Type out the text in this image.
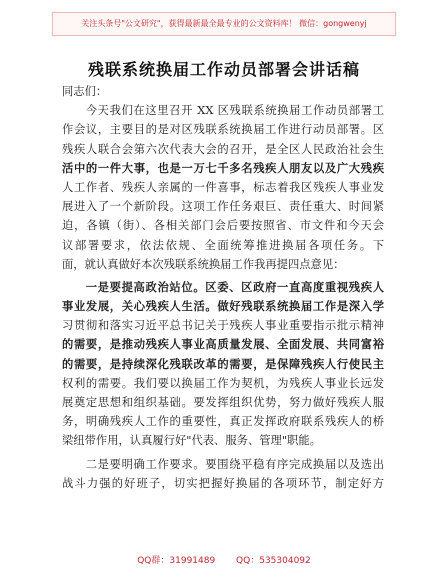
关注头条号"公文研究"，获得最新最全最专业的公文资料库！ 微信：gongwenyj
残联系统换届工作动员部署会讲话稿
同志们：
今天我们在这里召开 XX 区残联系统换届工作动员部署工
作会议，主要目的是对区残联系统换届工作进行动员部署。区
残疾人联合会第六次代表大会的召开，是全区人民政治社会生
活中的一件大事，也是一万七千多名残疾人朋友以及广大残疾
人工作者、残疾人亲属的一件喜事，标志着我区残疾人事业发
展进入了一个新阶段。这项工作任务艰巨、责任重大、时间紧
迫，各镇（街）、各相关部门会后要按照省、市文件和今天会
议部署要求，依法依规、全面统筹推进换届各项任务。下
面，就认真做好本次残联系统换届工作我再提四点意见：
一是要提高政治站位。区委、区政府一直高度重视残疾人
事业发展，关心残疾人生活。做好残联系统换届工作是深入学
习贯彻和落实习近平总书记关于残疾人事业重要指示批示精神
的需要，是推动残疾人事业高质量发展、全面发展、共同富裕
的需要，是持续深化残联改革的需要，是保障残疾人行使民主
权利的需要。我们要以换届工作为契机，为残疾人事业长远发
展奠定思想和组织基础。要发挥组织优势，努力做好残疾人服
务，明确残疾人工作的重要性，真正发挥政府联系残疾人的桥
梁纽带作用，认真履行好"代表、服务、管理"职能。
二是要明确工作要求。要围绕平稳有序完成换届以及选出
战斗力强的好班子，切实把握好换届的各项环节，制定好方
QQ群：31991489 QQ：535304092
